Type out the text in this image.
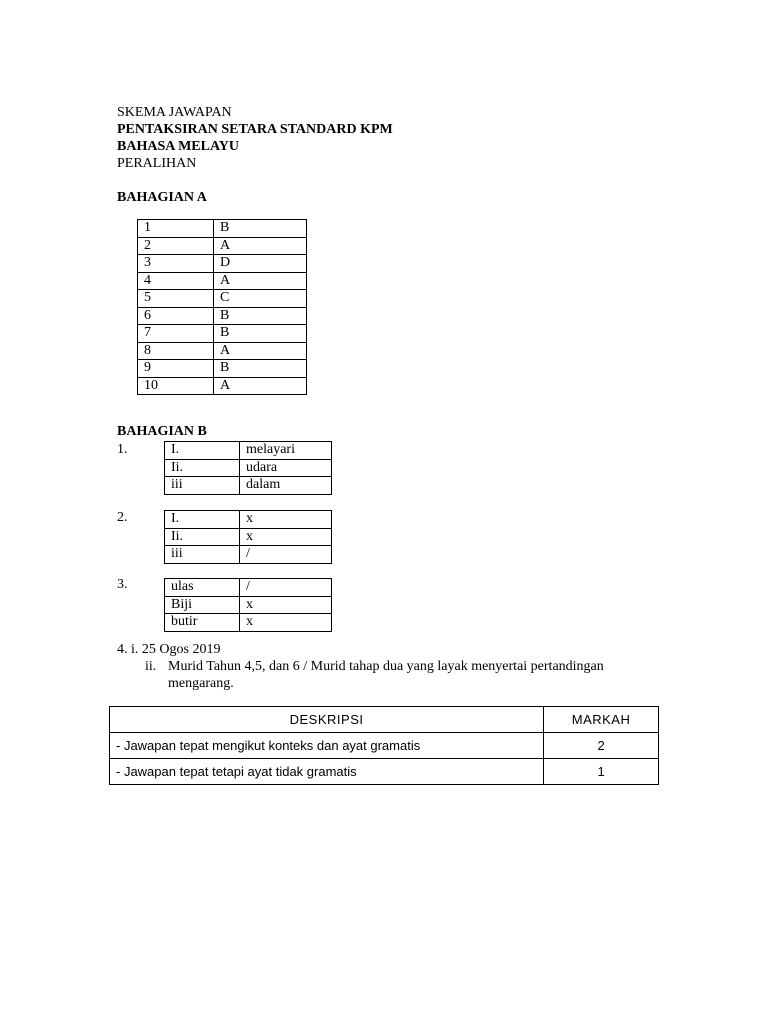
SKEMA JAWAPAN
PENTAKSIRAN SETARA STANDARD KPM
BAHASA MELAYU
PERALIHAN
BAHAGIAN A
1	B
2	A
3	D
4	A
5	C
6	B
7	B
8	A
9	B
10	A
BAHAGIAN B
1.	I.	melayari
Ii.	udara
iii	dalam
2.	I.	x
Ii.	x
iii	/
3.	ulas	/
Biji	x
butir	x
4. i. 25 Ogos 2019
ii. Murid Tahun 4,5, dan 6 / Murid tahap dua yang layak menyertai pertandingan
mengarang.
DESKRIPSI	MARKAH
- Jawapan tepat mengikut konteks dan ayat gramatis	2
- Jawapan tepat tetapi ayat tidak gramatis	1
